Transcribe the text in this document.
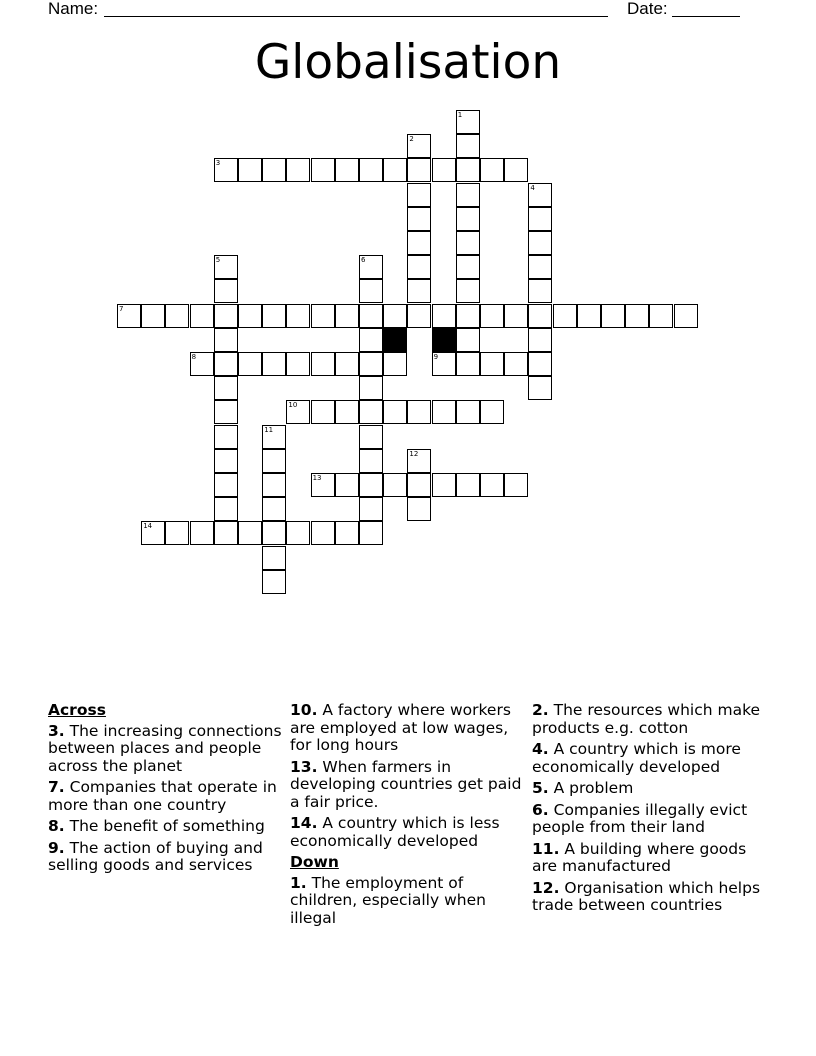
Name:	Date:
Globalisation
1
2
4
5	6
11
12
3
7
8	9
10
13
14
Across
3. The increasing connections between places and people across the planet
7. Companies that operate in more than one country
8. The benefit of something
9. The action of buying and selling goods and services
10. A factory where workers are employed at low wages, for long hours
13. When farmers in developing countries get paid a fair price.
14. A country which is less economically developed
Down
1. The employment of children, especially when illegal
2. The resources which make products e.g. cotton
4. A country which is more economically developed
5. A problem
6. Companies illegally evict people from their land
11. A building where goods are manufactured
12. Organisation which helps trade between countries
